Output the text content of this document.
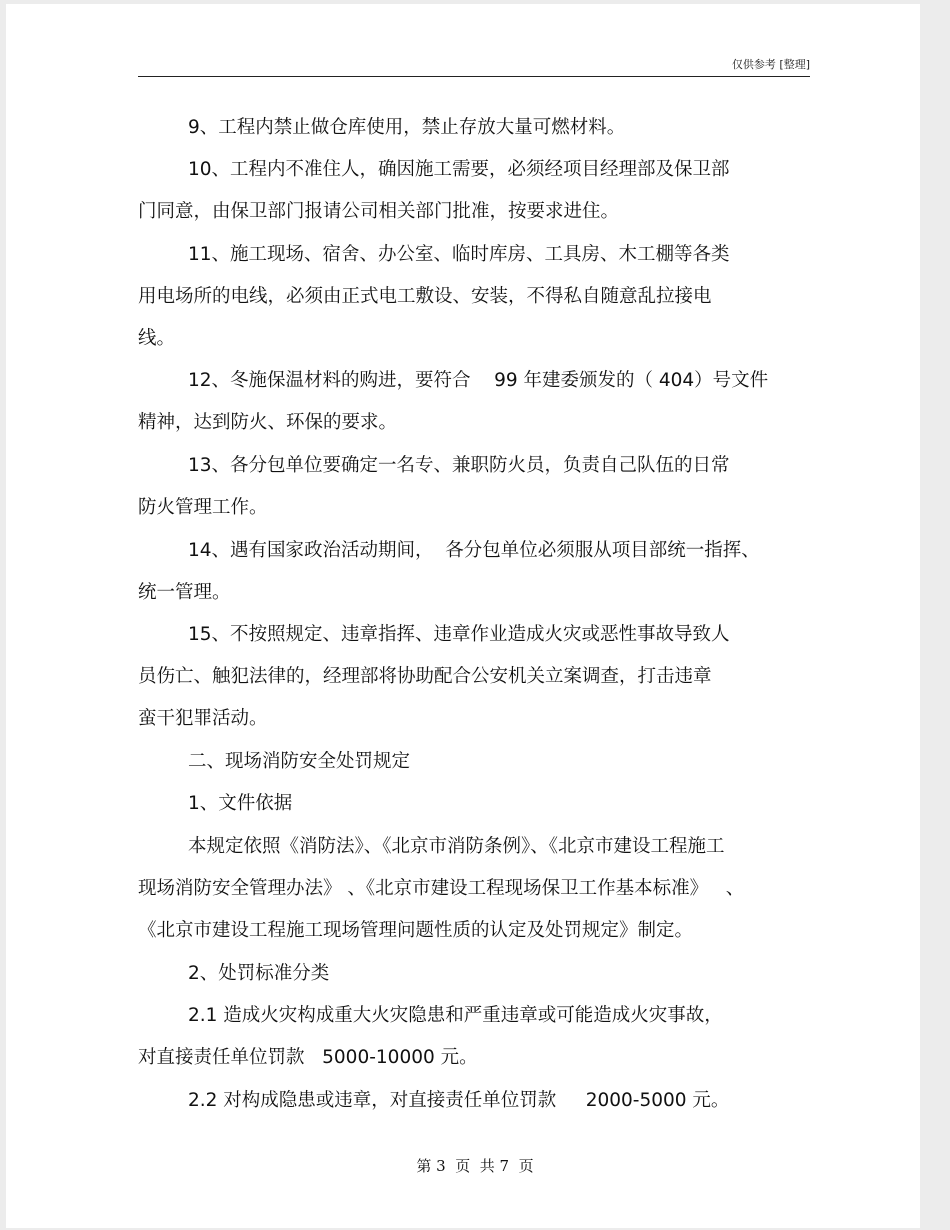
仅供参考 [整理]
9、工程内禁止做仓库使用，禁止存放大量可燃材料。
10、工程内不准住人，确因施工需要，必须经项目经理部及保卫部
门同意，由保卫部门报请公司相关部门批准，按要求进住。
11、施工现场、宿舍、办公室、临时库房、工具房、木工棚等各类
用电场所的电线，必须由正式电工敷设、安装，不得私自随意乱拉接电
线。
12、冬施保温材料的购进，要符合    99 年建委颁发的（ 404）号文件
精神，达到防火、环保的要求。
13、各分包单位要确定一名专、兼职防火员，负责自己队伍的日常
防火管理工作。
14、遇有国家政治活动期间，  各分包单位必须服从项目部统一指挥、
统一管理。
15、不按照规定、违章指挥、违章作业造成火灾或恶性事故导致人
员伤亡、触犯法律的，经理部将协助配合公安机关立案调查，打击违章
蛮干犯罪活动。
二、现场消防安全处罚规定
1、文件依据
本规定依照《消防法》、《北京市消防条例》、《北京市建设工程施工
现场消防安全管理办法》 、《北京市建设工程现场保卫工作基本标准》   、
《北京市建设工程施工现场管理问题性质的认定及处罚规定》制定。
2、处罚标准分类
2.1 造成火灾构成重大火灾隐患和严重违章或可能造成火灾事故，
对直接责任单位罚款   5000-10000 元。
2.2 对构成隐患或违章，对直接责任单位罚款     2000-5000 元。
第 3  页  共 7  页
